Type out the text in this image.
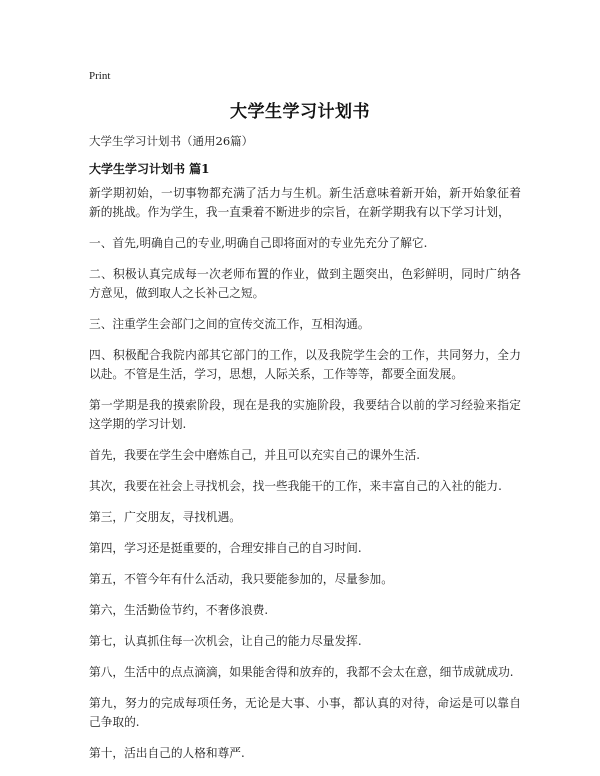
Print
大学生学习计划书
大学生学习计划书（通用26篇）
大学生学习计划书 篇1

新学期初始，一切事物都充满了活力与生机。新生活意味着新开始，新开始象征着新的挑战。作为学生，我一直秉着不断进步的宗旨，在新学期我有以下学习计划，

一、首先,明确自己的专业,明确自己即将面对的专业先充分了解它.

二、积极认真完成每一次老师布置的作业，做到主题突出，色彩鲜明，同时广纳各方意见，做到取人之长补己之短。

三、注重学生会部门之间的宣传交流工作，互相沟通。

四、积极配合我院内部其它部门的工作，以及我院学生会的工作，共同努力，全力以赴。不管是生活，学习，思想，人际关系，工作等等，都要全面发展。

第一学期是我的摸索阶段，现在是我的实施阶段，我要结合以前的学习经验来指定这学期的学习计划.

首先，我要在学生会中磨炼自己，并且可以充实自己的课外生活.

其次，我要在社会上寻找机会，找一些我能干的工作，来丰富自己的入社的能力.

第三，广交朋友，寻找机遇。

第四，学习还是挺重要的，合理安排自己的自习时间.

第五，不管今年有什么活动，我只要能参加的，尽量参加。

第六，生活勤俭节约，不奢侈浪费.

第七，认真抓住每一次机会，让自己的能力尽量发挥.

第八，生活中的点点滴滴，如果能舍得和放弃的，我都不会太在意，细节成就成功.

第九，努力的完成每项任务，无论是大事、小事，都认真的对待，命运是可以靠自己争取的.

第十，活出自己的人格和尊严.
